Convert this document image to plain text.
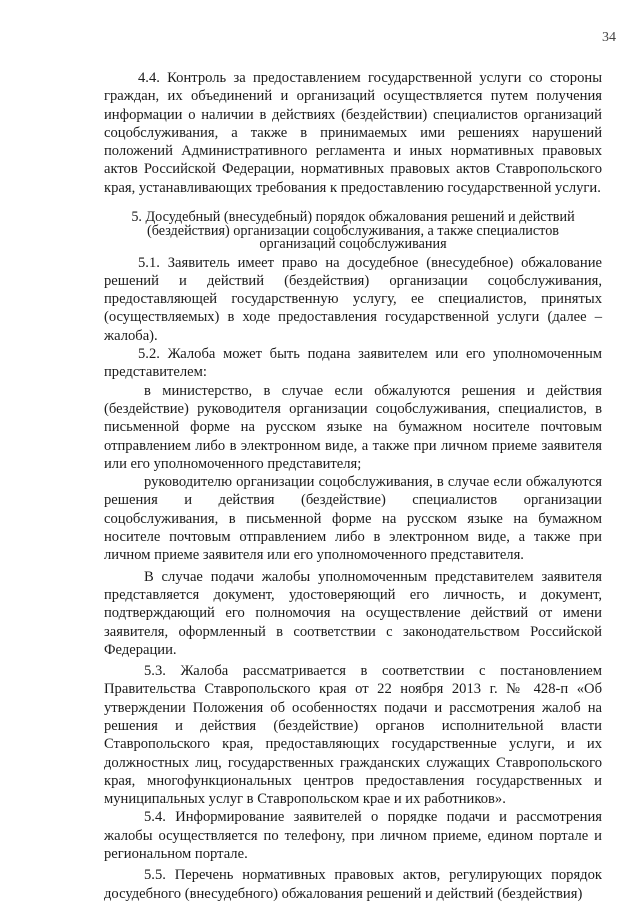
34

4.4. Контроль за предоставлением государственной услуги со стороны граждан, их объединений и организаций осуществляется путем получения информации о наличии в действиях (бездействии) специалистов организаций соцобслуживания, а также в принимаемых ими решениях нарушений положений Административного регламента и иных нормативных правовых актов Российской Федерации, нормативных правовых актов Ставропольского края, устанавливающих требования к предоставлению государственной услуги.

5. Досудебный (внесудебный) порядок обжалования решений и действий (бездействия) организации соцобслуживания, а также специалистов организаций соцобслуживания

5.1. Заявитель имеет право на досудебное (внесудебное) обжалование решений и действий (бездействия) организации соцобслуживания, предоставляющей государственную услугу, ее специалистов, принятых (осуществляемых) в ходе предоставления государственной услуги (далее – жалоба).

5.2. Жалоба может быть подана заявителем или его уполномоченным представителем:

в министерство, в случае если обжалуются решения и действия (бездействие) руководителя организации соцобслуживания, специалистов, в письменной форме на русском языке на бумажном носителе почтовым отправлением либо в электронном виде, а также при личном приеме заявителя или его уполномоченного представителя;

руководителю организации соцобслуживания, в случае если обжалуются решения и действия (бездействие) специалистов организации соцобслуживания, в письменной форме на русском языке на бумажном носителе почтовым отправлением либо в электронном виде, а также при личном приеме заявителя или его уполномоченного представителя.

В случае подачи жалобы уполномоченным представителем заявителя представляется документ, удостоверяющий его личность, и документ, подтверждающий его полномочия на осуществление действий от имени заявителя, оформленный в соответствии с законодательством Российской Федерации.

5.3. Жалоба рассматривается в соответствии с постановлением Правительства Ставропольского края от 22 ноября 2013 г. № 428-п «Об утверждении Положения об особенностях подачи и рассмотрения жалоб на решения и действия (бездействие) органов исполнительной власти Ставропольского края, предоставляющих государственные услуги, и их должностных лиц, государственных гражданских служащих Ставропольского края, многофункциональных центров предоставления государственных и муниципальных услуг в Ставропольском крае и их работников».

5.4. Информирование заявителей о порядке подачи и рассмотрения жалобы осуществляется по телефону, при личном приеме, едином портале и региональном портале.

5.5. Перечень нормативных правовых актов, регулирующих порядок досудебного (внесудебного) обжалования решений и действий (бездействия)
